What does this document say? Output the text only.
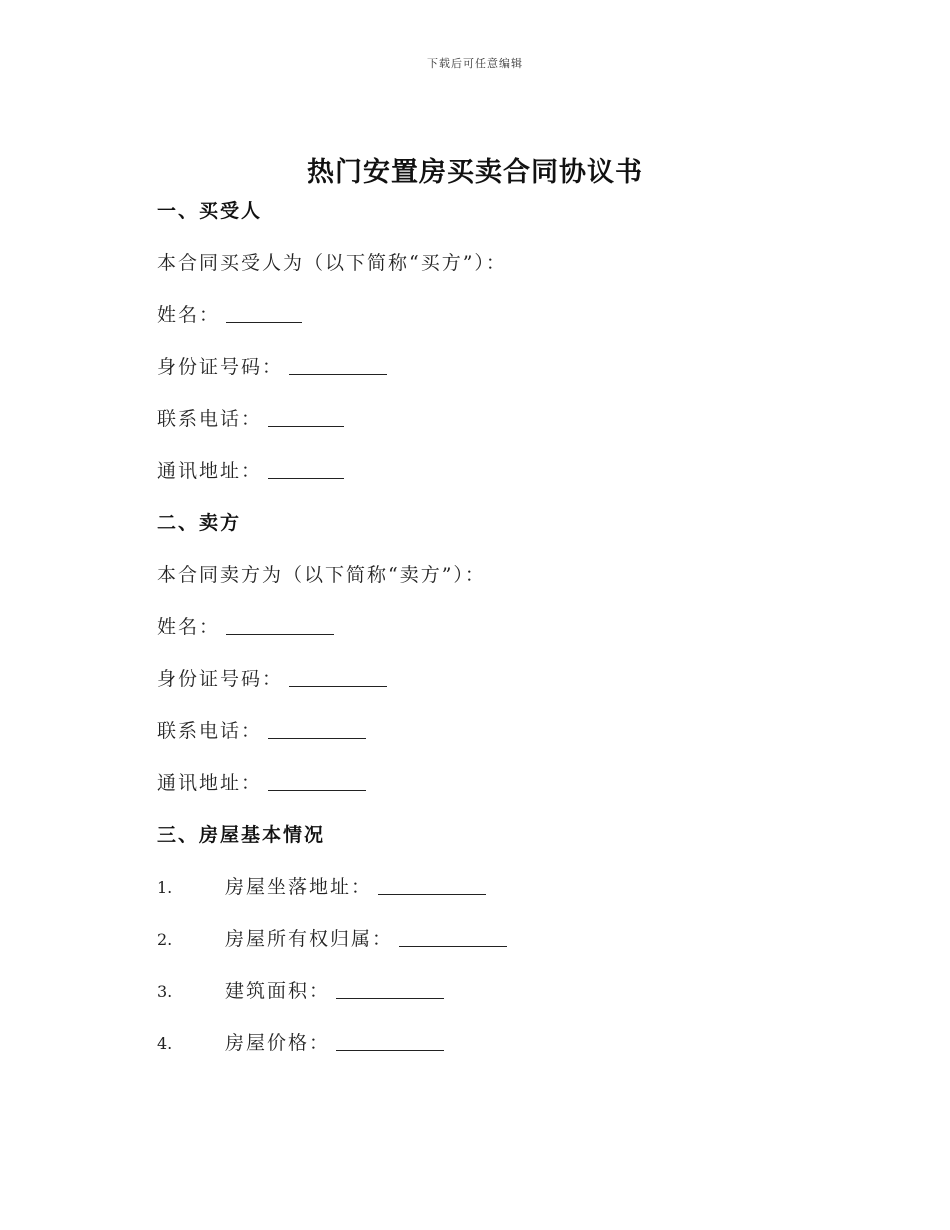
下载后可任意编辑
热门安置房买卖合同协议书
一、买受人
本合同买受人为（以下简称“买方”）：
姓名：
身份证号码：
联系电话：
通讯地址：
二、卖方
本合同卖方为（以下简称“卖方”）：
姓名：
身份证号码：
联系电话：
通讯地址：
三、房屋基本情况
1.	房屋坐落地址：
2.	房屋所有权归属：
3.	建筑面积：
4.	房屋价格：
